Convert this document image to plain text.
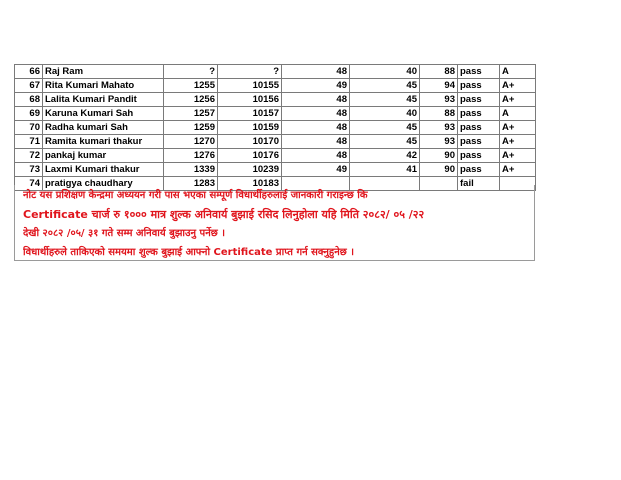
66	Raj Ram	?	?	48	40	88	pass	A
67	Rita Kumari Mahato	1255	10155	49	45	94	pass	A+
68	Lalita Kumari Pandit	1256	10156	48	45	93	pass	A+
69	Karuna Kumari Sah	1257	10157	48	40	88	pass	A
70	Radha kumari Sah	1259	10159	48	45	93	pass	A+
71	Ramita kumari thakur	1270	10170	48	45	93	pass	A+
72	pankaj kumar	1276	10176	48	42	90	pass	A+
73	Laxmi Kumari thakur	1339	10239	49	41	90	pass	A+
74	pratigya chaudhary	1283	10183				fail	
नोट यस प्रशिक्षण केन्द्रमा अध्ययन गरी पास भएका सम्पूर्ण विधार्थीहरुलाई जानकारी गराइन्छ कि
Certificate चार्ज रु १००० मात्र शुल्क अनिवार्य बुझाई रसिद लिनुहोला यहि मिति २०८२/ ०५ /२२
देखी २०८२ /०५/ ३१ गते सम्म अनिवार्य बुझाउनु पर्नेछ ।
विधार्थीहरुले ताकिएको समयमा शुल्क बुझाई आफ्नो Certificate प्राप्त गर्न सक्नुहुनेछ ।
